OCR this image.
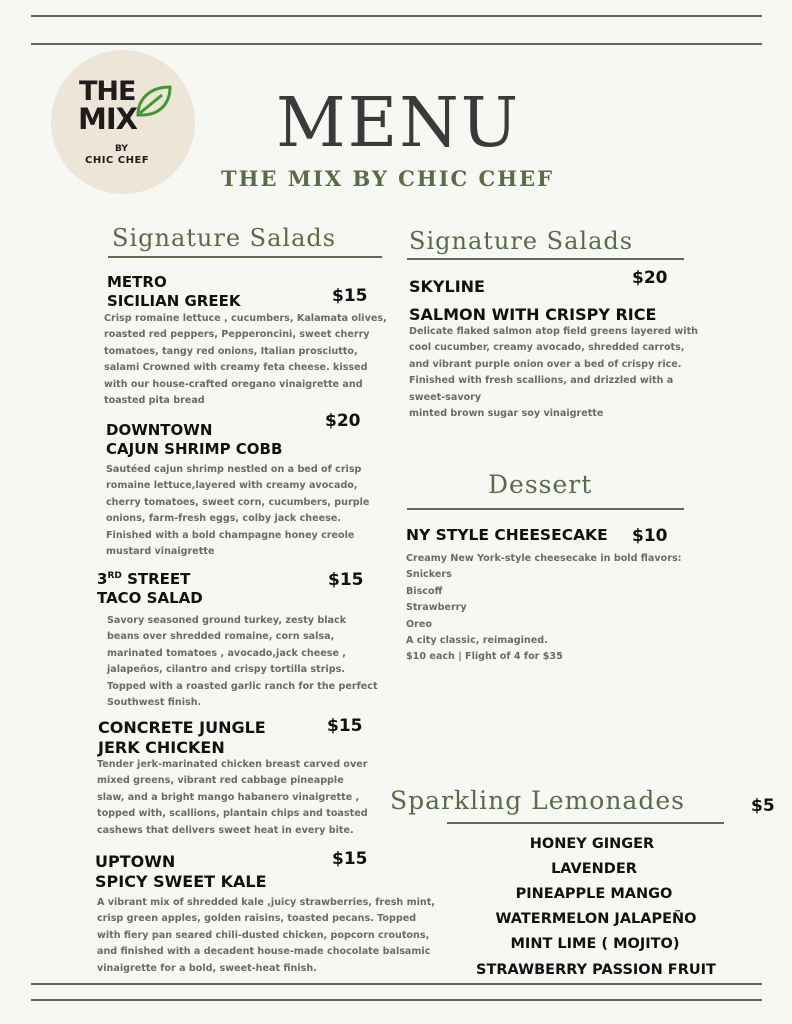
THE
MIX
BY
CHIC CHEF MENU
THE MIX BY CHIC CHEF
Signature Salads
METRO
SICILIAN GREEK	$15
Crisp romaine lettuce , cucumbers, Kalamata olives,
roasted red peppers, Pepperoncini, sweet cherry
tomatoes, tangy red onions, Italian prosciutto,
salami Crowned with creamy feta cheese. kissed
with our house-crafted oregano vinaigrette and
toasted pita bread
DOWNTOWN
CAJUN SHRIMP COBB
$20
Sautéed cajun shrimp nestled on a bed of crisp
romaine lettuce,layered with creamy avocado,
cherry tomatoes, sweet corn, cucumbers, purple
onions, farm-fresh eggs, colby jack cheese.
Finished with a bold champagne honey creole
mustard vinaigrette
3RD STREET
TACO SALAD
$15
Savory seasoned ground turkey, zesty black
beans over shredded romaine, corn salsa,
marinated tomatoes , avocado,jack cheese ,
jalapeños, cilantro and crispy tortilla strips.
Topped with a roasted garlic ranch for the perfect
Southwest finish.
CONCRETE JUNGLE
JERK CHICKEN
$15
Tender jerk-marinated chicken breast carved over
mixed greens, vibrant red cabbage pineapple
slaw, and a bright mango habanero vinaigrette ,
topped with, scallions, plantain chips and toasted
cashews that delivers sweet heat in every bite.
UPTOWN
SPICY SWEET KALE
$15
A vibrant mix of shredded kale ,juicy strawberries, fresh mint,
crisp green apples, golden raisins, toasted pecans. Topped
with fiery pan seared chili-dusted chicken, popcorn croutons,
and finished with a decadent house-made chocolate balsamic
vinaigrette for a bold, sweet-heat finish.
Signature Salads
SKYLINE
SALMON WITH CRISPY RICE
$20
Delicate flaked salmon atop field greens layered with
cool cucumber, creamy avocado, shredded carrots,
and vibrant purple onion over a bed of crispy rice.
Finished with fresh scallions, and drizzled with a
sweet-savory
minted brown sugar soy vinaigrette
Dessert
NY STYLE CHEESECAKE $10
Creamy New York-style cheesecake in bold flavors:
Snickers
Biscoff
Strawberry
Oreo
A city classic, reimagined.
$10 each | Flight of 4 for $35
Sparkling Lemonades	$5
HONEY GINGER
LAVENDER
PINEAPPLE MANGO
WATERMELON JALAPEÑO
MINT LIME ( MOJITO)
STRAWBERRY PASSION FRUIT
